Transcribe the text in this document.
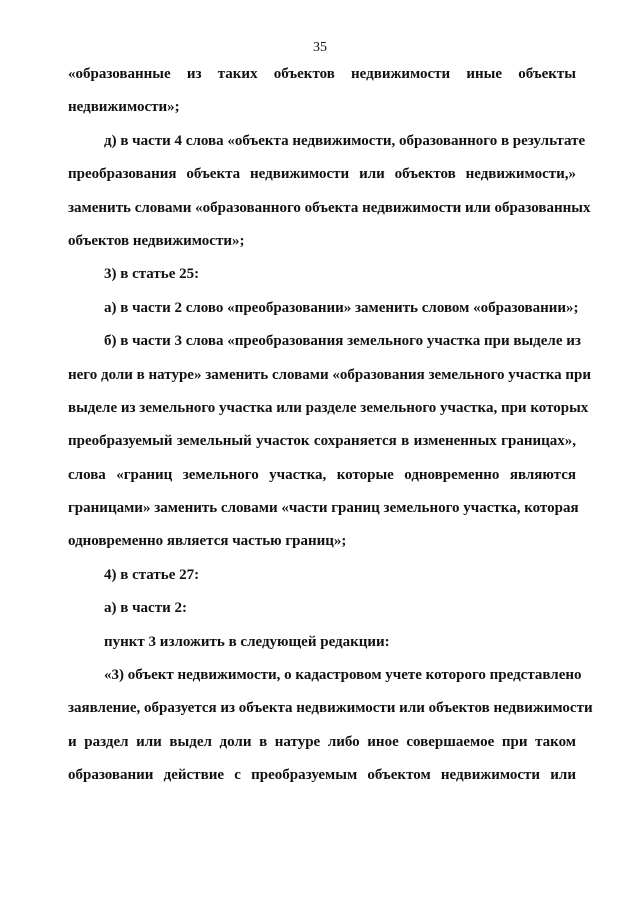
35
«образованные из таких объектов недвижимости иные объекты
недвижимости»;
д) в части 4 слова «объекта недвижимости, образованного в результате
преобразования объекта недвижимости или объектов недвижимости,»
заменить словами «образованного объекта недвижимости или образованных
объектов недвижимости»;
3) в статье 25:
а) в части 2 слово «преобразовании» заменить словом «образовании»;
б) в части 3 слова «преобразования земельного участка при выделе из
него доли в натуре» заменить словами «образования земельного участка при
выделе из земельного участка или разделе земельного участка, при которых
преобразуемый земельный участок сохраняется в измененных границах»,
слова «границ земельного участка, которые одновременно являются
границами» заменить словами «части границ земельного участка, которая
одновременно является частью границ»;
4) в статье 27:
а) в части 2:
пункт 3 изложить в следующей редакции:
«3) объект недвижимости, о кадастровом учете которого представлено
заявление, образуется из объекта недвижимости или объектов недвижимости
и раздел или выдел доли в натуре либо иное совершаемое при таком
образовании действие с преобразуемым объектом недвижимости или
